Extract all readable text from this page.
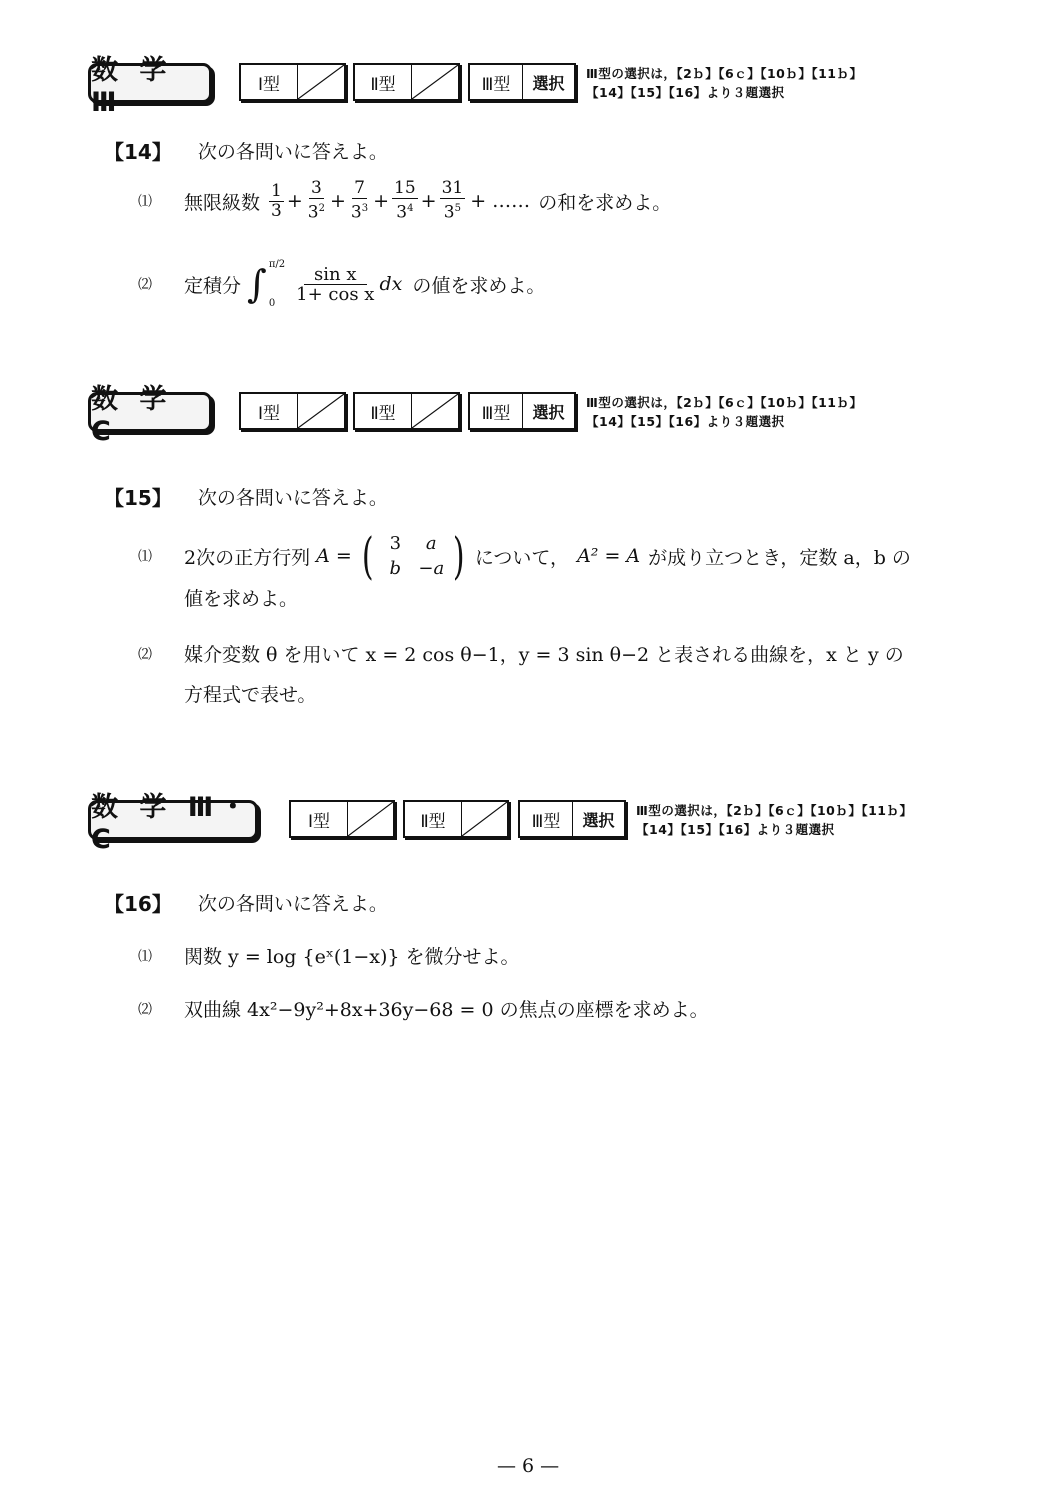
数 学 Ⅲ
Ⅰ型	Ⅱ型	Ⅲ型	選択	Ⅲ型の選択は，【2ｂ】【6ｃ】【10ｂ】【11ｂ】
【14】【15】【16】より３題選択
【14】 次の各問いに答えよ。
⑴	無限級数 $\frac{1}{3} + \frac{3}{3^2} + \frac{7}{3^3} + \frac{15}{3^4} + \frac{31}{3^5}$ + …… の和を求めよ。
⑵	定積分 ∫ π/2
0	$\frac{\text{sin x}}{\text{1+ cos x}}$ dx の値を求めよ。
数 学 C
Ⅰ型	Ⅱ型	Ⅲ型	選択	Ⅲ型の選択は，【2ｂ】【6ｃ】【10ｂ】【11ｂ】
【14】【15】【16】より３題選択
【15】 次の各問いに答えよ。
⑴	2次の正方行列 A = ( 3	a
b −a ) について， A² = A が成り立つとき，定数 a，b の
値を求めよ。
⑵	媒介変数 θ を用いて x = 2 cos θ−1，y = 3 sin θ−2 と表される曲線を，x と y の
方程式で表せ。
数 学 Ⅲ・C
Ⅰ型	Ⅱ型	Ⅲ型	選択	Ⅲ型の選択は，【2ｂ】【6ｃ】【10ｂ】【11ｂ】
【14】【15】【16】より３題選択
【16】 次の各問いに答えよ。
⑴	関数 y = log {eˣ(1−x)} を微分せよ。
⑵	双曲線 4x²−9y²+8x+36y−68 = 0 の焦点の座標を求めよ。
— 6 —
